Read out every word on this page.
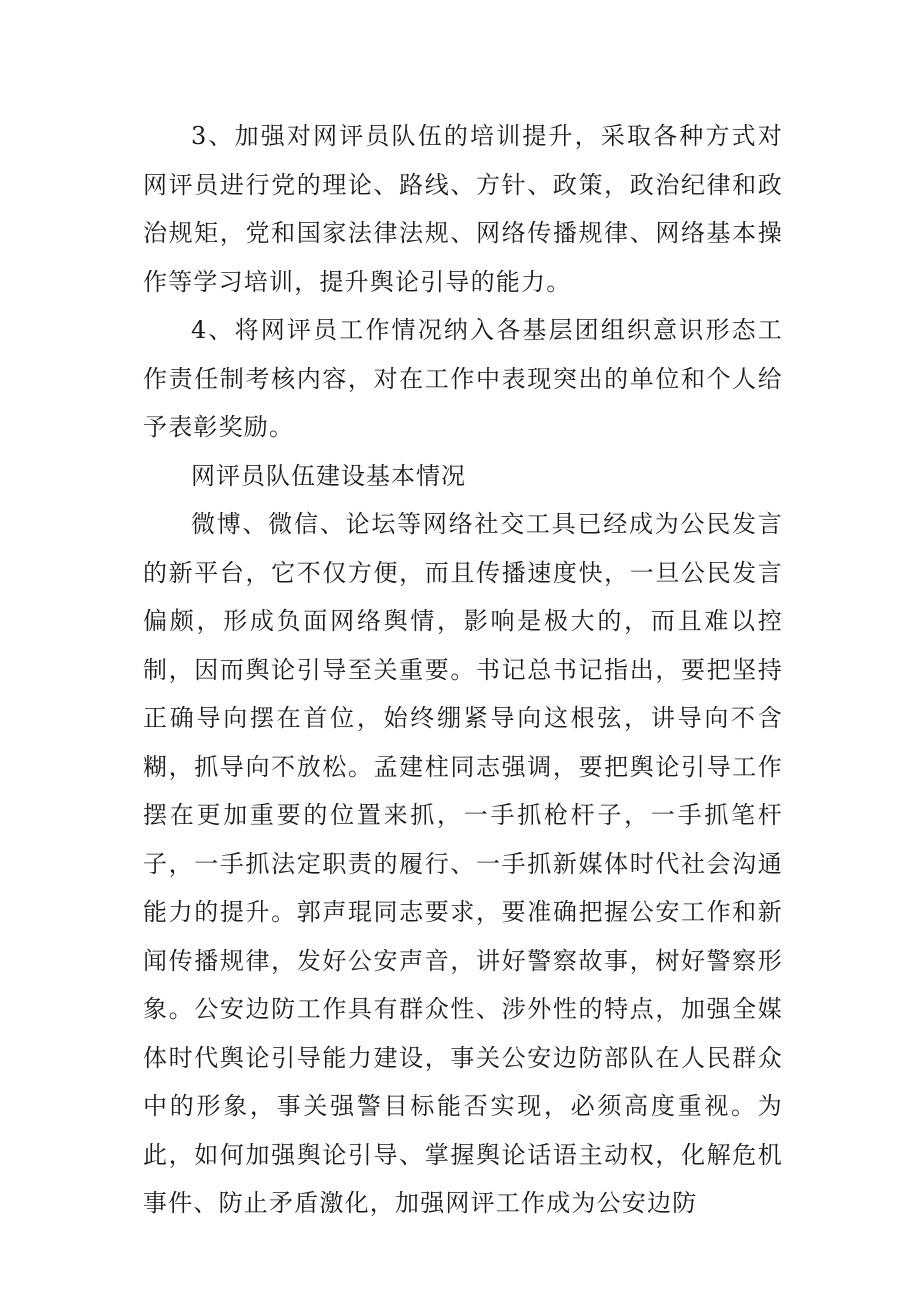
3、加强对网评员队伍的培训提升，采取各种方式对网评员进行党的理论、路线、方针、政策，政治纪律和政治规矩，党和国家法律法规、网络传播规律、网络基本操作等学习培训，提升舆论引导的能力。

4、将网评员工作情况纳入各基层团组织意识形态工作责任制考核内容，对在工作中表现突出的单位和个人给予表彰奖励。

网评员队伍建设基本情况

微博、微信、论坛等网络社交工具已经成为公民发言的新平台，它不仅方便，而且传播速度快，一旦公民发言偏颇，形成负面网络舆情，影响是极大的，而且难以控制，因而舆论引导至关重要。书记总书记指出，要把坚持正确导向摆在首位，始终绷紧导向这根弦，讲导向不含糊，抓导向不放松。孟建柱同志强调，要把舆论引导工作摆在更加重要的位置来抓，一手抓枪杆子，一手抓笔杆子，一手抓法定职责的履行、一手抓新媒体时代社会沟通能力的提升。郭声琨同志要求，要准确把握公安工作和新闻传播规律，发好公安声音，讲好警察故事，树好警察形象。公安边防工作具有群众性、涉外性的特点，加强全媒体时代舆论引导能力建设，事关公安边防部队在人民群众中的形象，事关强警目标能否实现，必须高度重视。为此，如何加强舆论引导、掌握舆论话语主动权，化解危机事件、防止矛盾激化，加强网评工作成为公安边防
